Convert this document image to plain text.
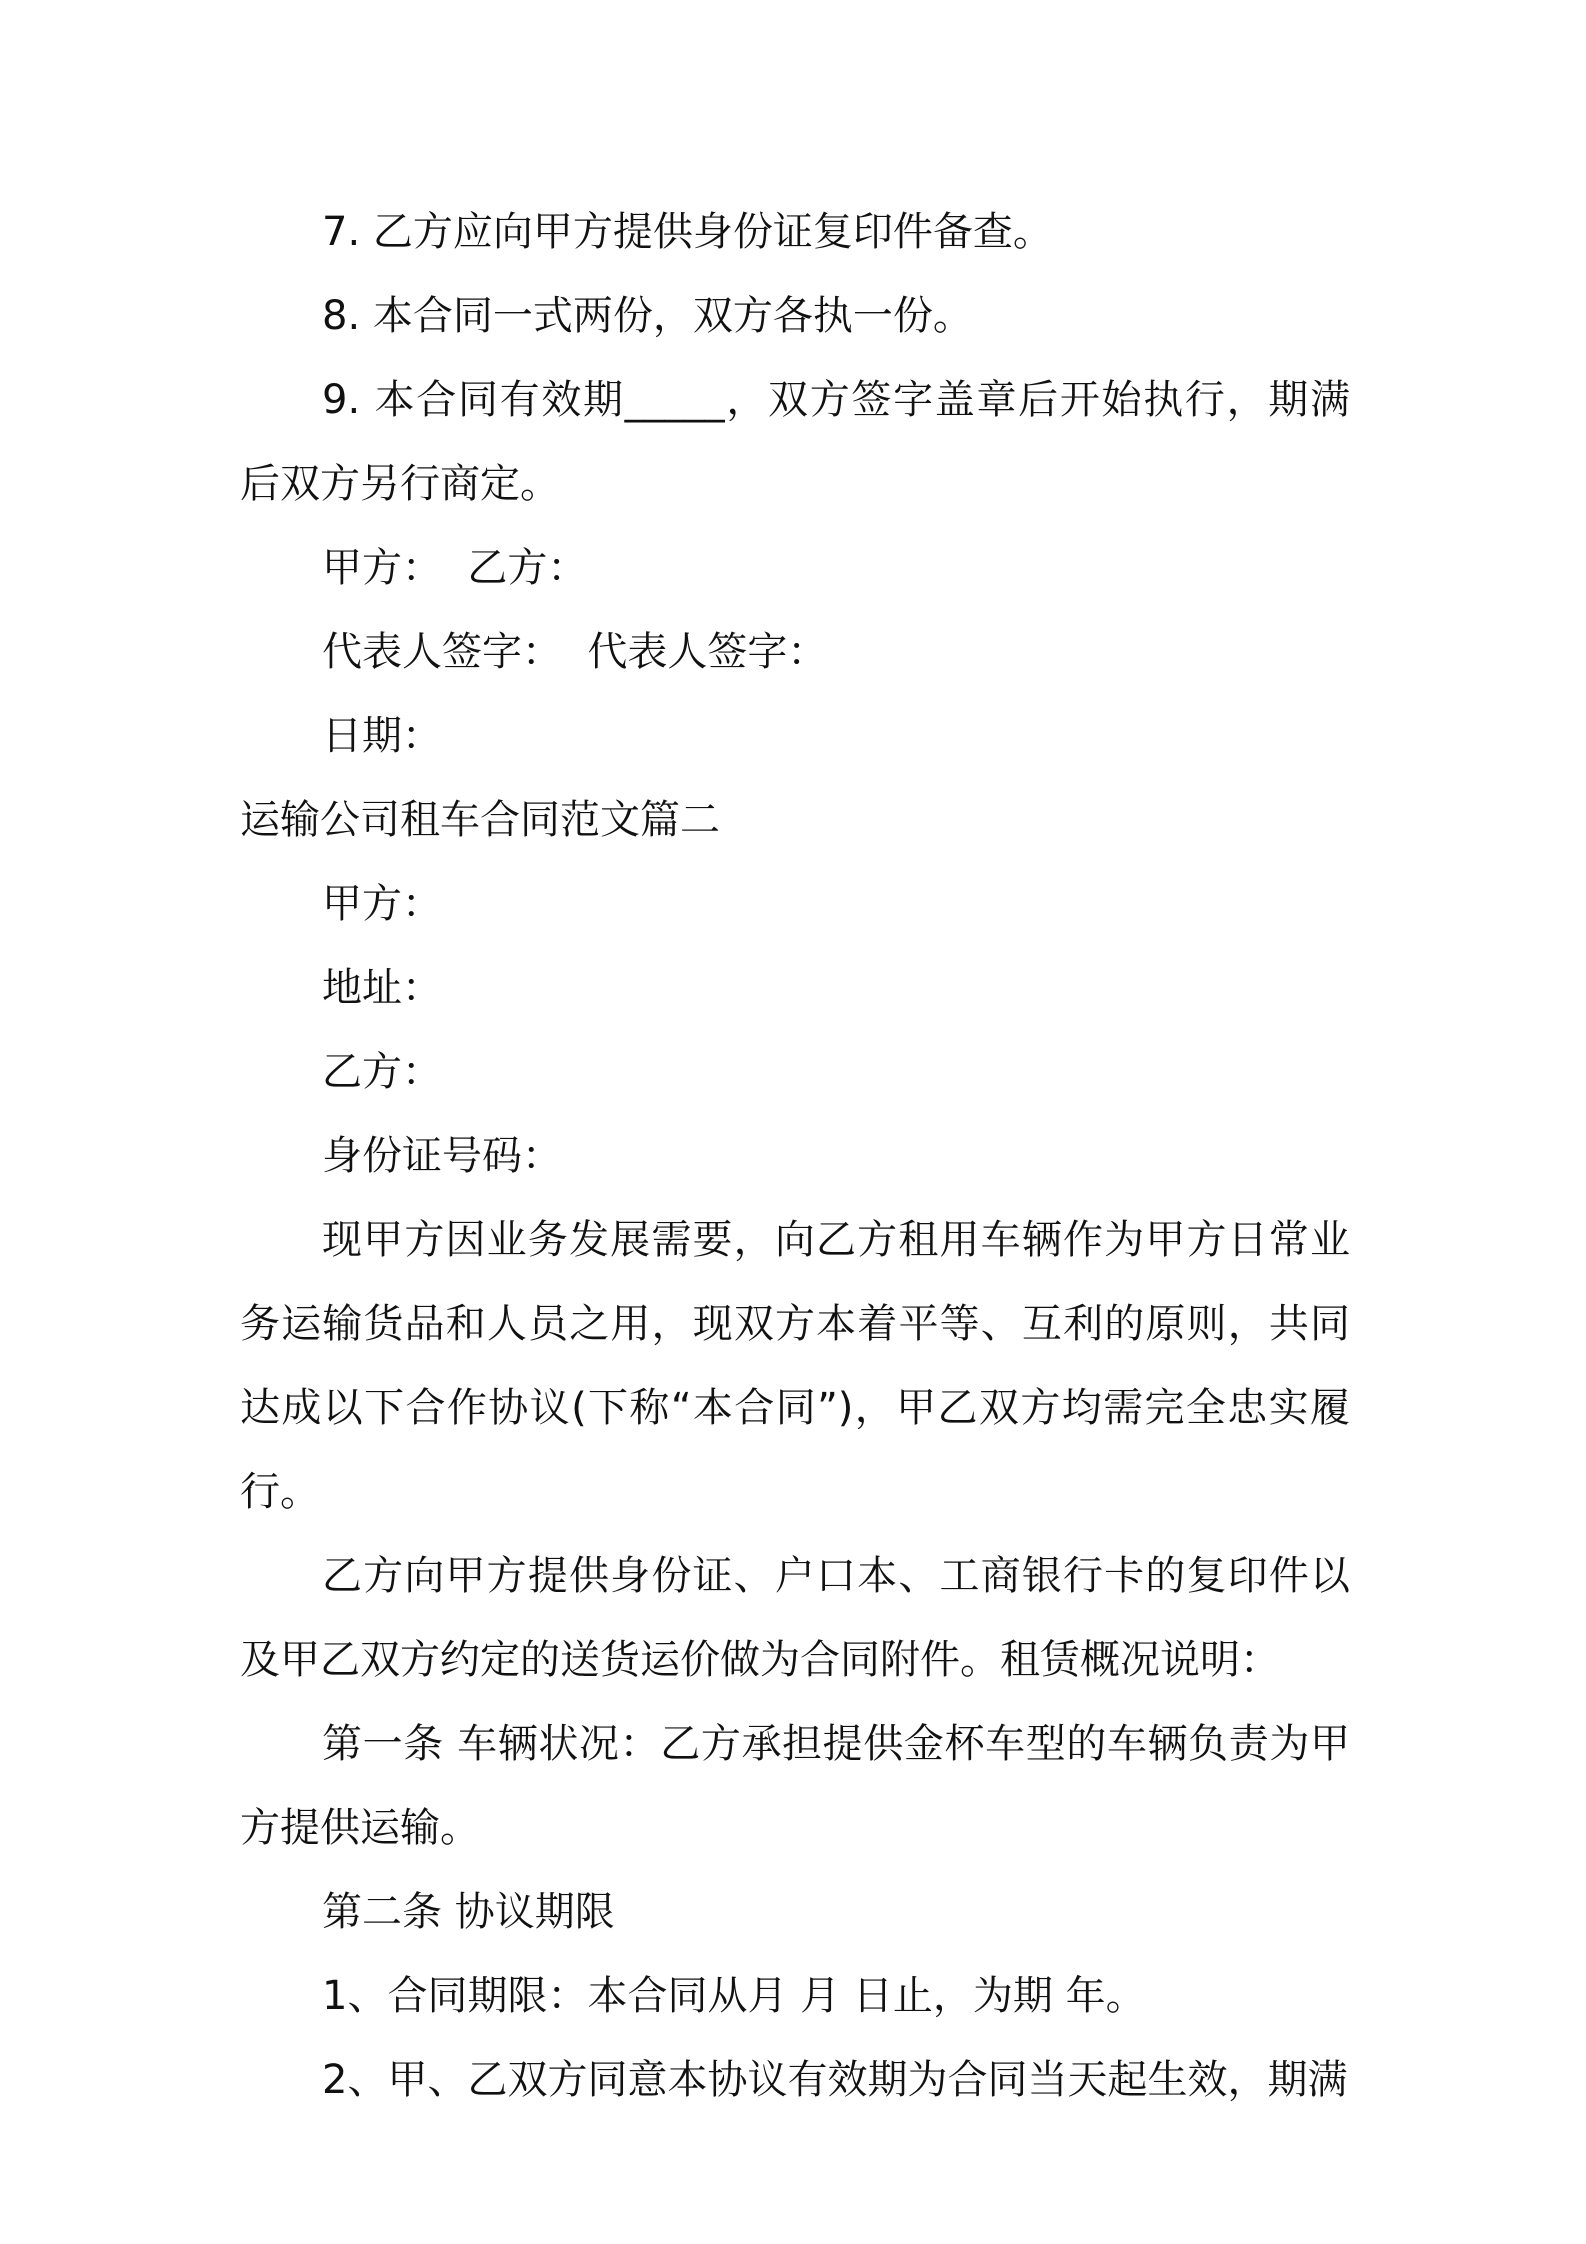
7. 乙方应向甲方提供身份证复印件备查。

8. 本合同一式两份，双方各执一份。

9. 本合同有效期_____，双方签字盖章后开始执行，期满后双方另行商定。

甲方：  乙方：

代表人签字：  代表人签字：

日期：

运输公司租车合同范文篇二

甲方：

地址：

乙方：

身份证号码：

现甲方因业务发展需要，向乙方租用车辆作为甲方日常业务运输货品和人员之用，现双方本着平等、互利的原则，共同达成以下合作协议(下称“本合同”)，甲乙双方均需完全忠实履行。

乙方向甲方提供身份证、户口本、工商银行卡的复印件以及甲乙双方约定的送货运价做为合同附件。租赁概况说明：

第一条 车辆状况：乙方承担提供金杯车型的车辆负责为甲方提供运输。

第二条 协议期限

1、合同期限：本合同从月 月 日止，为期 年。

2、甲、乙双方同意本协议有效期为合同当天起生效，期满
